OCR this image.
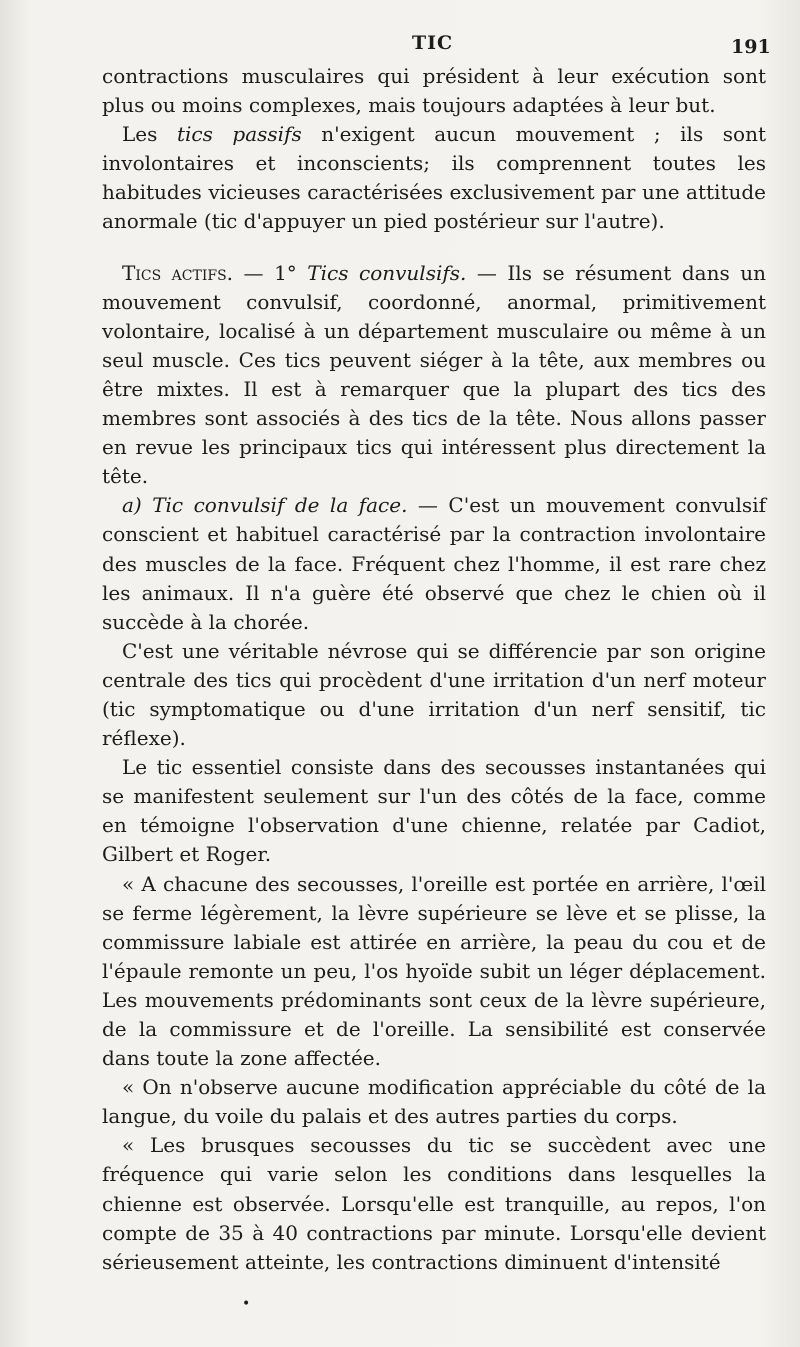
TIC	191

contractions musculaires qui président à leur exécution sont plus ou moins complexes, mais toujours adaptées à leur but.

Les tics passifs n'exigent aucun mouvement ; ils sont involontaires et inconscients; ils comprennent toutes les habitudes vicieuses caractérisées exclusivement par une attitude anormale (tic d'appuyer un pied postérieur sur l'autre).

Tics actifs. — 1° Tics convulsifs. — Ils se résument dans un mouvement convulsif, coordonné, anormal, primitivement volontaire, localisé à un département musculaire ou même à un seul muscle. Ces tics peuvent siéger à la tête, aux membres ou être mixtes. Il est à remarquer que la plupart des tics des membres sont associés à des tics de la tête. Nous allons passer en revue les principaux tics qui intéressent plus directement la tête.

a) Tic convulsif de la face. — C'est un mouvement convulsif conscient et habituel caractérisé par la contraction involontaire des muscles de la face. Fréquent chez l'homme, il est rare chez les animaux. Il n'a guère été observé que chez le chien où il succède à la chorée.

C'est une véritable névrose qui se différencie par son origine centrale des tics qui procèdent d'une irritation d'un nerf moteur (tic symptomatique ou d'une irritation d'un nerf sensitif, tic réflexe).

Le tic essentiel consiste dans des secousses instantanées qui se manifestent seulement sur l'un des côtés de la face, comme en témoigne l'observation d'une chienne, relatée par Cadiot, Gilbert et Roger.

« A chacune des secousses, l'oreille est portée en arrière, l'œil se ferme légèrement, la lèvre supérieure se lève et se plisse, la commissure labiale est attirée en arrière, la peau du cou et de l'épaule remonte un peu, l'os hyoïde subit un léger déplacement. Les mouvements prédominants sont ceux de la lèvre supérieure, de la commissure et de l'oreille. La sensibilité est conservée dans toute la zone affectée.

« On n'observe aucune modification appréciable du côté de la langue, du voile du palais et des autres parties du corps.

« Les brusques secousses du tic se succèdent avec une fréquence qui varie selon les conditions dans lesquelles la chienne est observée. Lorsqu'elle est tranquille, au repos, l'on compte de 35 à 40 contractions par minute. Lorsqu'elle devient sérieusement atteinte, les contractions diminuent d'intensité

•
